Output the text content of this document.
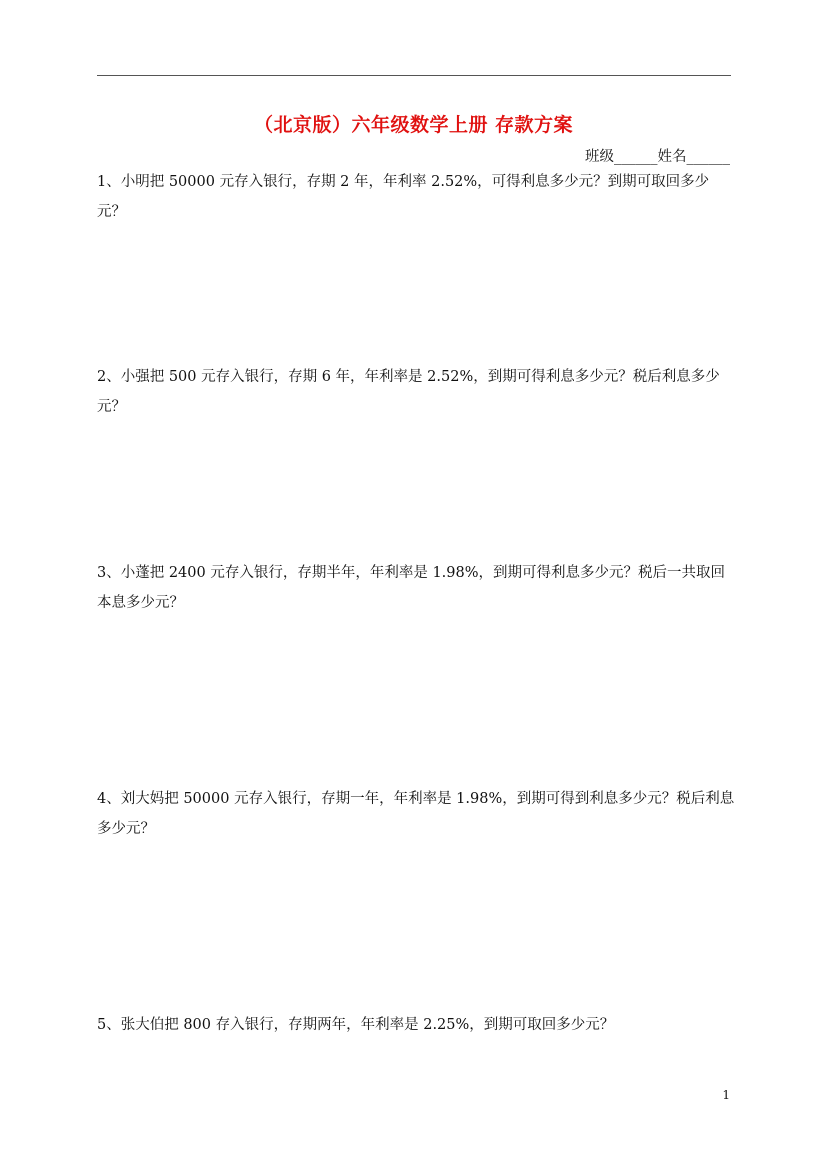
（北京版）六年级数学上册 存款方案
班级______姓名______

1、小明把 50000 元存入银行，存期 2 年，年利率 2.52%，可得利息多少元？到期可取回多少元？

2、小强把 500 元存入银行，存期 6 年，年利率是 2.52%，到期可得利息多少元？税后利息多少元？

3、小蓬把 2400 元存入银行，存期半年，年利率是 1.98%，到期可得利息多少元？税后一共取回本息多少元？

4、刘大妈把 50000 元存入银行，存期一年，年利率是 1.98%，到期可得到利息多少元？税后利息多少元？

5、张大伯把 800 存入银行，存期两年，年利率是 2.25%，到期可取回多少元？

1
